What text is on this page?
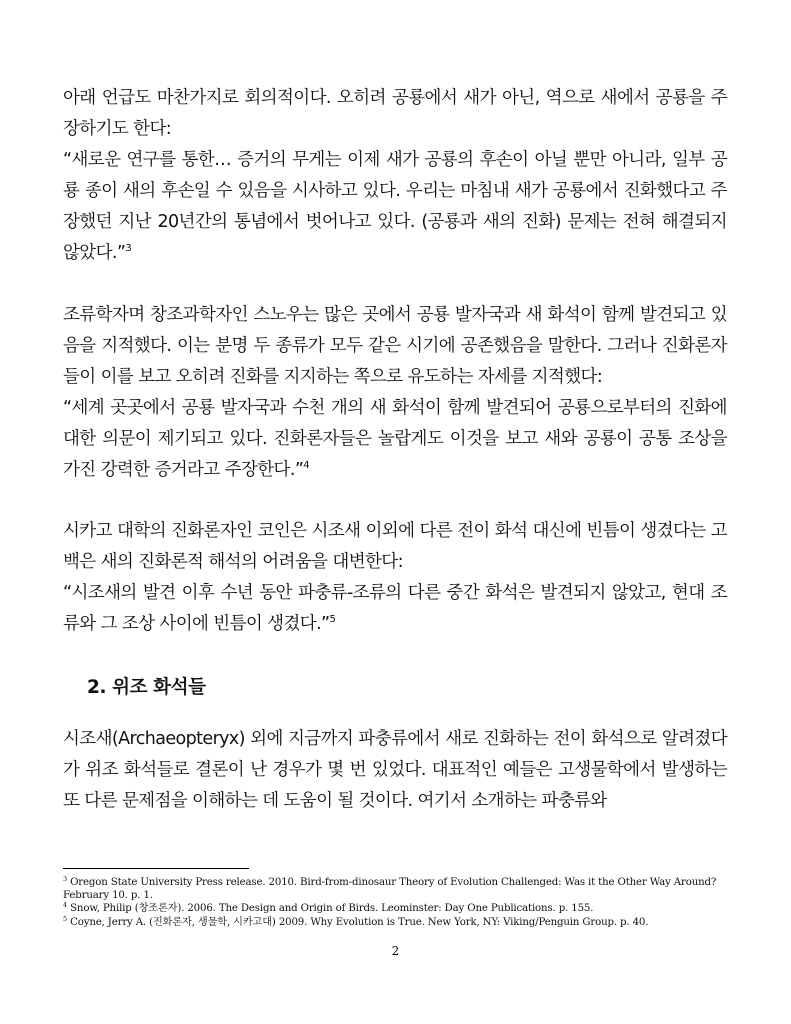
아래 언급도 마찬가지로 회의적이다. 오히려 공룡에서 새가 아닌, 역으로 새에서 공룡을 주장하기도 한다:

“새로운 연구를 통한… 증거의 무게는 이제 새가 공룡의 후손이 아닐 뿐만 아니라, 일부 공룡 종이 새의 후손일 수 있음을 시사하고 있다. 우리는 마침내 새가 공룡에서 진화했다고 주장했던 지난 20년간의 통념에서 벗어나고 있다. (공룡과 새의 진화) 문제는 전혀 해결되지 않았다.”$^3$

조류학자며 창조과학자인 스노우는 많은 곳에서 공룡 발자국과 새 화석이 함께 발견되고 있음을 지적했다. 이는 분명 두 종류가 모두 같은 시기에 공존했음을 말한다. 그러나 진화론자들이 이를 보고 오히려 진화를 지지하는 쪽으로 유도하는 자세를 지적했다:

“세계 곳곳에서 공룡 발자국과 수천 개의 새 화석이 함께 발견되어 공룡으로부터의 진화에 대한 의문이 제기되고 있다. 진화론자들은 놀랍게도 이것을 보고 새와 공룡이 공통 조상을 가진 강력한 증거라고 주장한다.”$^4$

시카고 대학의 진화론자인 코인은 시조새 이외에 다른 전이 화석 대신에 빈틈이 생겼다는 고백은 새의 진화론적 해석의 어려움을 대변한다:

“시조새의 발견 이후 수년 동안 파충류-조류의 다른 중간 화석은 발견되지 않았고, 현대 조류와 그 조상 사이에 빈틈이 생겼다.”$^5$

2. 위조 화석들

시조새(Archaeopteryx) 외에 지금까지 파충류에서 새로 진화하는 전이 화석으로 알려졌다가 위조 화석들로 결론이 난 경우가 몇 번 있었다. 대표적인 예들은 고생물학에서 발생하는 또 다른 문제점을 이해하는 데 도움이 될 것이다. 여기서 소개하는 파충류와

$^3$ Oregon State University Press release. 2010. Bird-from-dinosaur Theory of Evolution Challenged: Was it the Other Way Around? February 10. p. 1.

$^4$ Snow, Philip (창조론자). 2006. The Design and Origin of Birds. Leominster: Day One Publications. p. 155.

$^5$ Coyne, Jerry A. (진화론자, 생물학, 시카고대) 2009. Why Evolution is True. New York, NY: Viking/Penguin Group. p. 40.

2
